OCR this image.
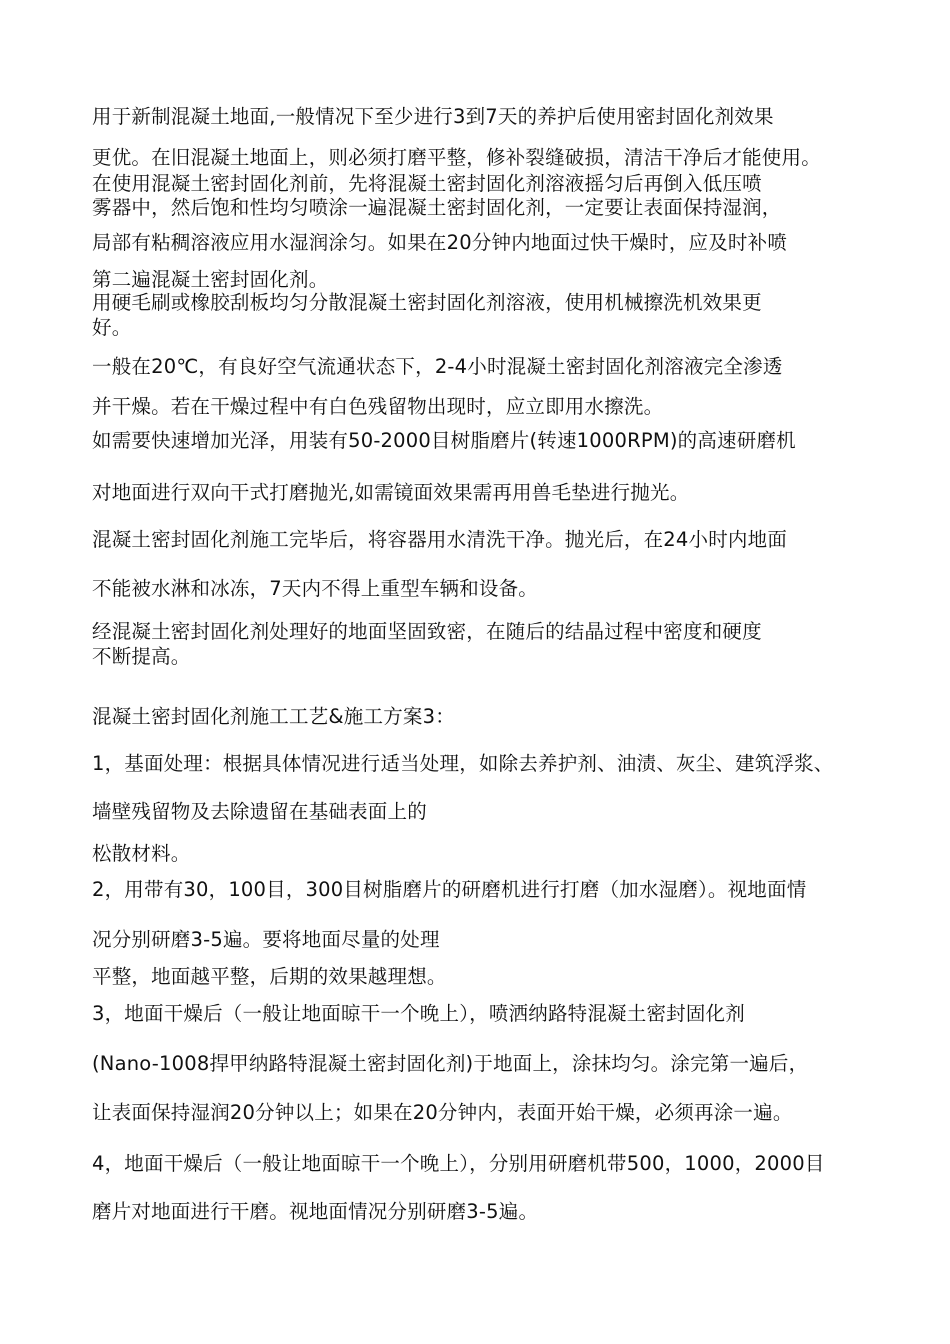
用于新制混凝土地面,一般情况下至少进行3到7天的养护后使用密封固化剂效果

更优。在旧混凝土地面上，则必须打磨平整，修补裂缝破损，清洁干净后才能使用。

在使用混凝土密封固化剂前，先将混凝土密封固化剂溶液摇匀后再倒入低压喷

雾器中，然后饱和性均匀喷涂一遍混凝土密封固化剂，一定要让表面保持湿润，

局部有粘稠溶液应用水湿润涂匀。如果在20分钟内地面过快干燥时，应及时补喷

第二遍混凝土密封固化剂。

用硬毛刷或橡胶刮板均匀分散混凝土密封固化剂溶液，使用机械擦洗机效果更

好。

一般在20℃，有良好空气流通状态下，2-4小时混凝土密封固化剂溶液完全渗透

并干燥。若在干燥过程中有白色残留物出现时，应立即用水擦洗。

如需要快速增加光泽，用装有50-2000目树脂磨片(转速1000RPM)的高速研磨机

对地面进行双向干式打磨抛光,如需镜面效果需再用兽毛垫进行抛光。

混凝土密封固化剂施工完毕后，将容器用水清洗干净。抛光后，在24小时内地面

不能被水淋和冰冻，7天内不得上重型车辆和设备。

经混凝土密封固化剂处理好的地面坚固致密，在随后的结晶过程中密度和硬度

不断提高。

混凝土密封固化剂施工工艺&施工方案3：

1，基面处理：根据具体情况进行适当处理，如除去养护剂、油渍、灰尘、建筑浮浆、

墙壁残留物及去除遗留在基础表面上的

松散材料。

2，用带有30，100目，300目树脂磨片的研磨机进行打磨（加水湿磨）。视地面情

况分别研磨3-5遍。要将地面尽量的处理

平整，地面越平整，后期的效果越理想。

3，地面干燥后（一般让地面晾干一个晚上），喷洒纳路特混凝土密封固化剂

(Nano-1008捍甲纳路特混凝土密封固化剂)于地面上，涂抹均匀。涂完第一遍后，

让表面保持湿润20分钟以上；如果在20分钟内，表面开始干燥，必须再涂一遍。

4，地面干燥后（一般让地面晾干一个晚上），分别用研磨机带500，1000，2000目

磨片对地面进行干磨。视地面情况分别研磨3-5遍。
